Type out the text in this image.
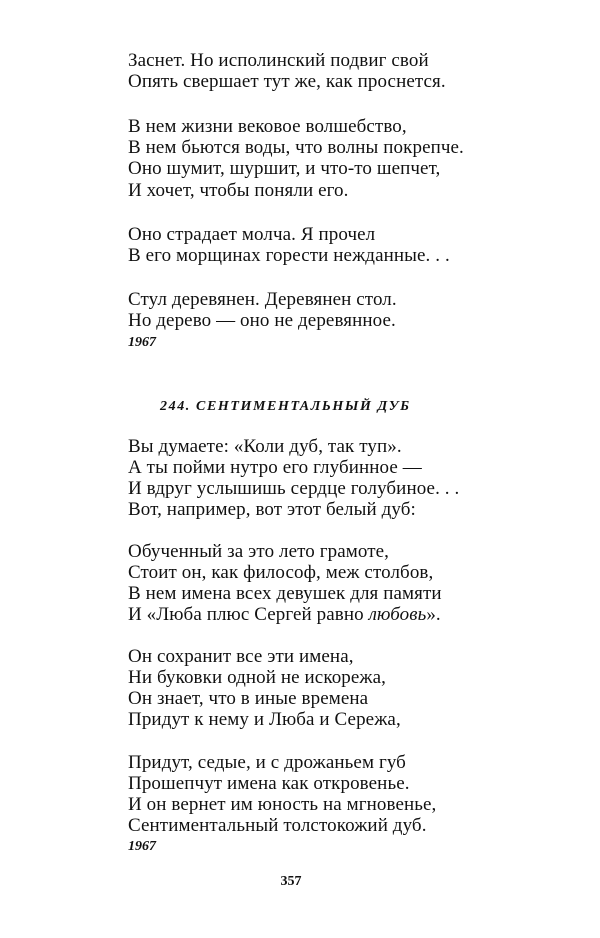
Заснет. Но исполинский подвиг свой
Опять свершает тут же, как проснется.
В нем жизни вековое волшебство,
В нем бьются воды, что волны покрепче.
Оно шумит, шуршит, и что-то шепчет,
И хочет, чтобы поняли его.
Оно страдает молча. Я прочел
В его морщинах горести нежданные. . .
Стул деревянен. Деревянен стол.
Но дерево — оно не деревянное.
1967
244. СЕНТИМЕНТАЛЬНЫЙ ДУБ
Вы думаете: «Коли дуб, так туп».
А ты пойми нутро его глубинное —
И вдруг услышишь сердце голубиное. . .
Вот, например, вот этот белый дуб:
Обученный за это лето грамоте,
Стоит он, как философ, меж столбов,
В нем имена всех девушек для памяти
И «Люба плюс Сергей равно любовь».
Он сохранит все эти имена,
Ни буковки одной не искорежа,
Он знает, что в иные времена
Придут к нему и Люба и Сережа,
Придут, седые, и с дрожаньем губ
Прошепчут имена как откровенье.
И он вернет им юность на мгновенье,
Сентиментальный толстокожий дуб.
1967
357
